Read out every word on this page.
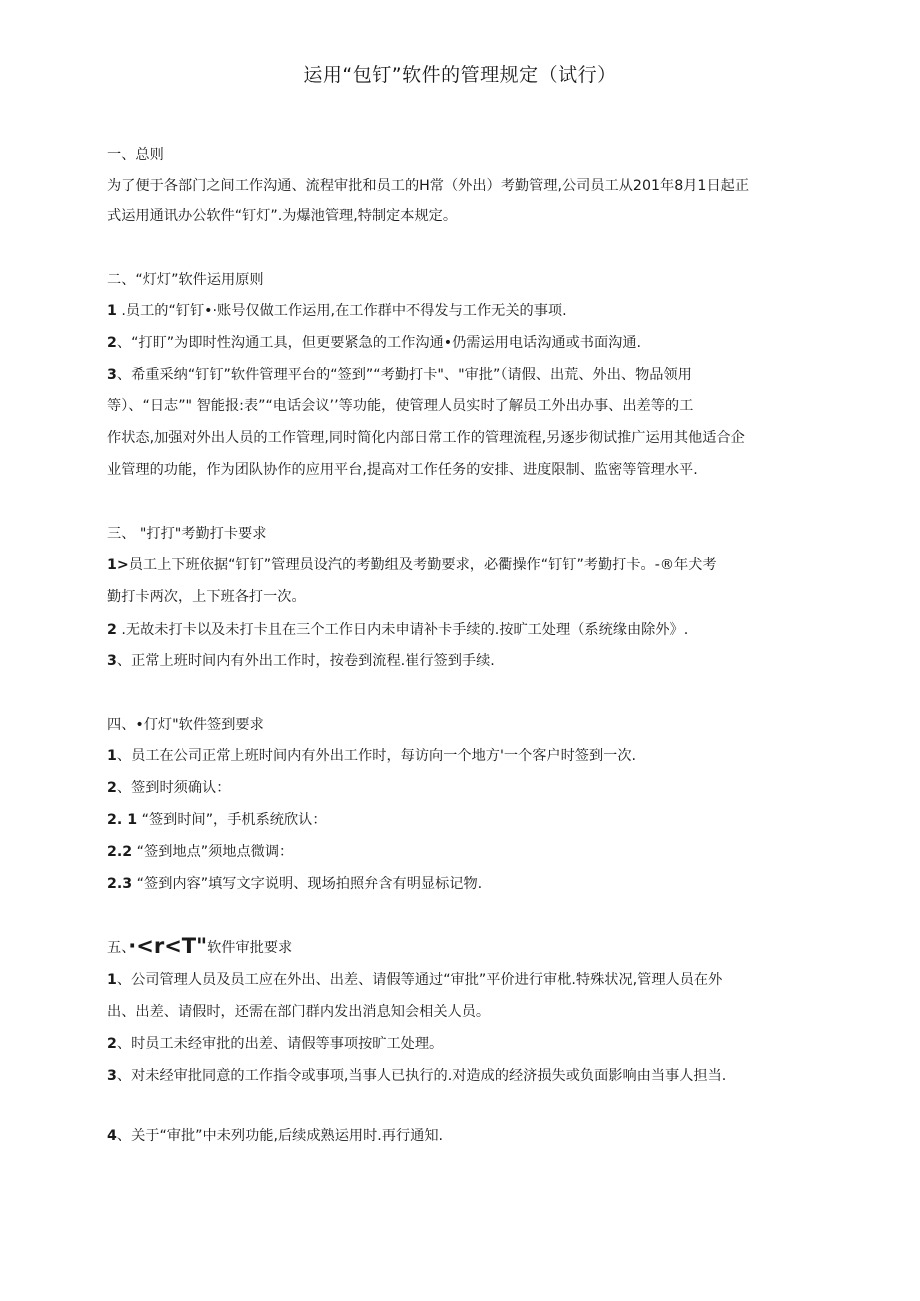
运用“包钉”软件的管理规定（试行）

一、总则

为了便于各部门之间工作沟通、流程审批和员工的H常（外出）考勤管理,公司员工从201年8月1日起正

式运用通讯办公软件“钉灯”.为爆池管理,特制定本规定。

二、“灯灯”软件运用原则

1 .员工的“钉钉•·账号仅做工作运用,在工作群中不得发与工作无关的事项.

2、“打盯”为即时性沟通工具，但更要紧急的工作沟通•仍需运用电话沟通或书面沟通.

3、希重采纳“钉钉”软件管理平台的“签到”“考勤打卡"、"审批”（请假、出荒、外出、物品领用

等）、“日志”" 智能报:表”“电话会议’’等功能，使管理人员实时了解员工外出办事、出差等的工

作状态,加强对外出人员的工作管理,同时简化内部日常工作的管理流程,另逐步彻试推广运用其他适合企

业管理的功能，作为团队协作的应用平台,提高对工作任务的安排、进度限制、监密等管理水平.

三、 "打打"考勤打卡要求

1>员工上下班依据“钉钉”管理员设汽的考勤组及考勤要求，必衢操作“钉钉”考勤打卡。-®年犬考

勤打卡两次，上下班各打一次。

2 .无故未打卡以及未打卡且在三个工作日内未申请补卡手续的.按旷工处理（系统缘由除外》.

3、正常上班时间内有外出工作时，按卷到流程.崔行签到手续.

四、•仃灯"软件签到要求

1、员工在公司正常上班时间内有外出工作时，每访向一个地方'一个客户时签到一次.

2、签到时须确认：

2. 1 “签到时间”，手机系统欣认：

2.2 “签到地点”须地点微调：

2.3 “签到内容”填写文字说明、现场拍照弁含有明显标记物.

五、·<r<T"软件审批要求

1、公司管理人员及员工应在外出、出差、请假等通过“审批”平价进行审枇.特殊状况,管理人员在外

出、出差、请假时，还需在部门群内发出消息知会相关人员。

2、时员工未经审批的出差、请假等事项按旷工处理。

3、对未经审批同意的工作指令或事项,当事人已执行的.对造成的经济损失或负面影响由当事人担当.

4、关于“审批”中未列功能,后续成熟运用时.再行通知.
